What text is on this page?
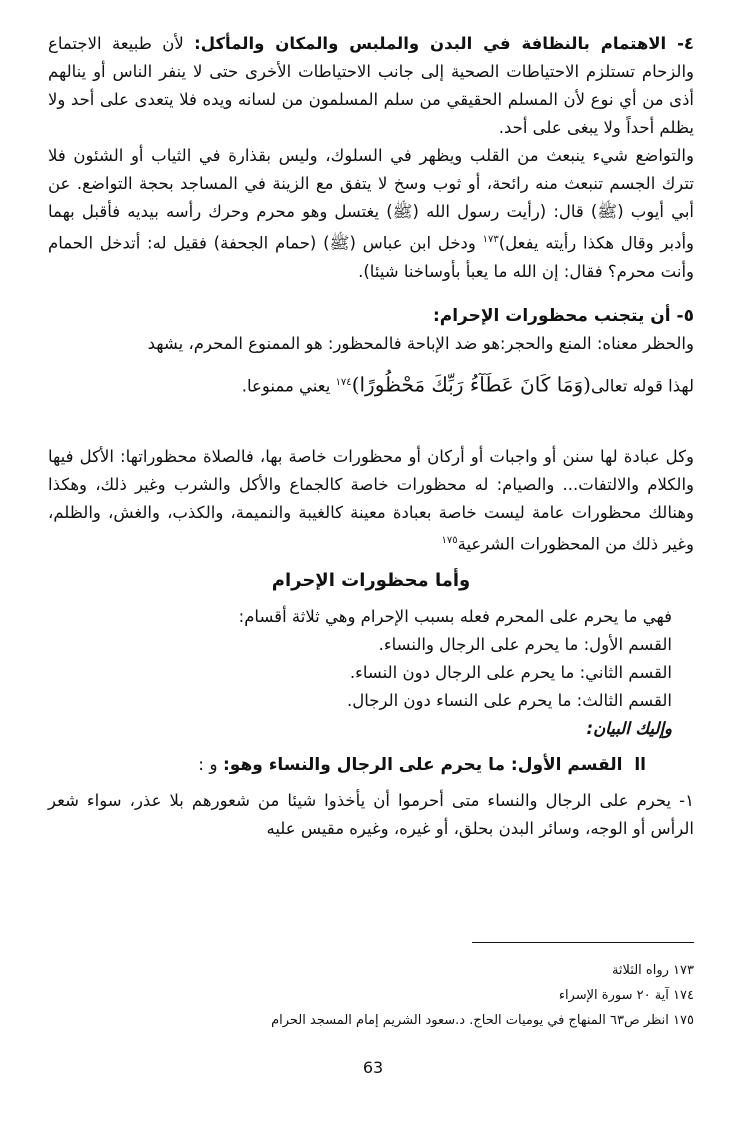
٤- الاهتمام بالنظافة في البدن والملبس والمكان والمأكل: لأن طبيعة الاجتماع والزحام تستلزم الاحتياطات الصحية إلى جانب الاحتياطات الأخرى حتى لا ينفر الناس أو ينالهم أذى من أي نوع لأن المسلم الحقيقي من سلم المسلمون من لسانه ويده فلا يتعدى على أحد ولا يظلم أحداً ولا يبغى على أحد.

والتواضع شيء ينبعث من القلب ويظهر في السلوك، وليس بقذارة في الثياب أو الشئون فلا تترك الجسم تنبعث منه رائحة، أو ثوب وسخ لا يتفق مع الزينة في المساجد بحجة التواضع. عن أبي أيوب (ﷺ) قال: (رأيت رسول الله (ﷺ) يغتسل وهو محرم وحرك رأسه بيديه فأقبل بهما وأدبر وقال هكذا رأيته يفعل)$^{١٧٣}$ ودخل ابن عباس (ﷺ) (حمام الجحفة) فقيل له: أتدخل الحمام وأنت محرم؟ فقال: إن الله ما يعبأ بأوساخنا شيئا).

٥- أن يتجنب محظورات الإحرام:

والحظر معناه: المنع والحجر:هو ضد الإباحة فالمحظور: هو الممنوع المحرم، يشهد

لهذا قوله تعالى(وَمَا كَانَ عَطَآءُ رَبِّكَ مَحْظُورًا)$^{١٧٤}$ يعني ممنوعا.

وكل عبادة لها سنن أو واجبات أو أركان أو محظورات خاصة بها، فالصلاة محظوراتها: الأكل فيها والكلام والالتفات... والصيام: له محظورات خاصة كالجماع والأكل والشرب وغير ذلك، وهكذا وهنالك محظورات عامة ليست خاصة بعبادة معينة كالغيبة والنميمة، والكذب، والغش، والظلم، وغير ذلك من المحظورات الشرعية$^{١٧٥}$

وأما محظورات الإحرام

فهي ما يحرم على المحرم فعله بسبب الإحرام وهي ثلاثة أقسام:

القسم الأول: ما يحرم على الرجال والنساء.

القسم الثاني: ما يحرم على الرجال دون النساء.

القسم الثالث: ما يحرم على النساء دون الرجال.

وإليك البيان:

اا  القسم الأول: ما يحرم على الرجال والنساء وهو: و :

١- يحرم على الرجال والنساء متى أحرموا أن يأخذوا شيئا من شعورهم بلا عذر، سواء شعر الرأس أو الوجه، وسائر البدن بحلق، أو غيره، وغيره مقيس عليه

١٧٣ رواه الثلاثة
١٧٤ آية ٢٠ سورة الإسراء
١٧٥ انظر ص٦٣ المنهاج في يوميات الحاج. د.سعود الشريم إمام المسجد الحرام
63
